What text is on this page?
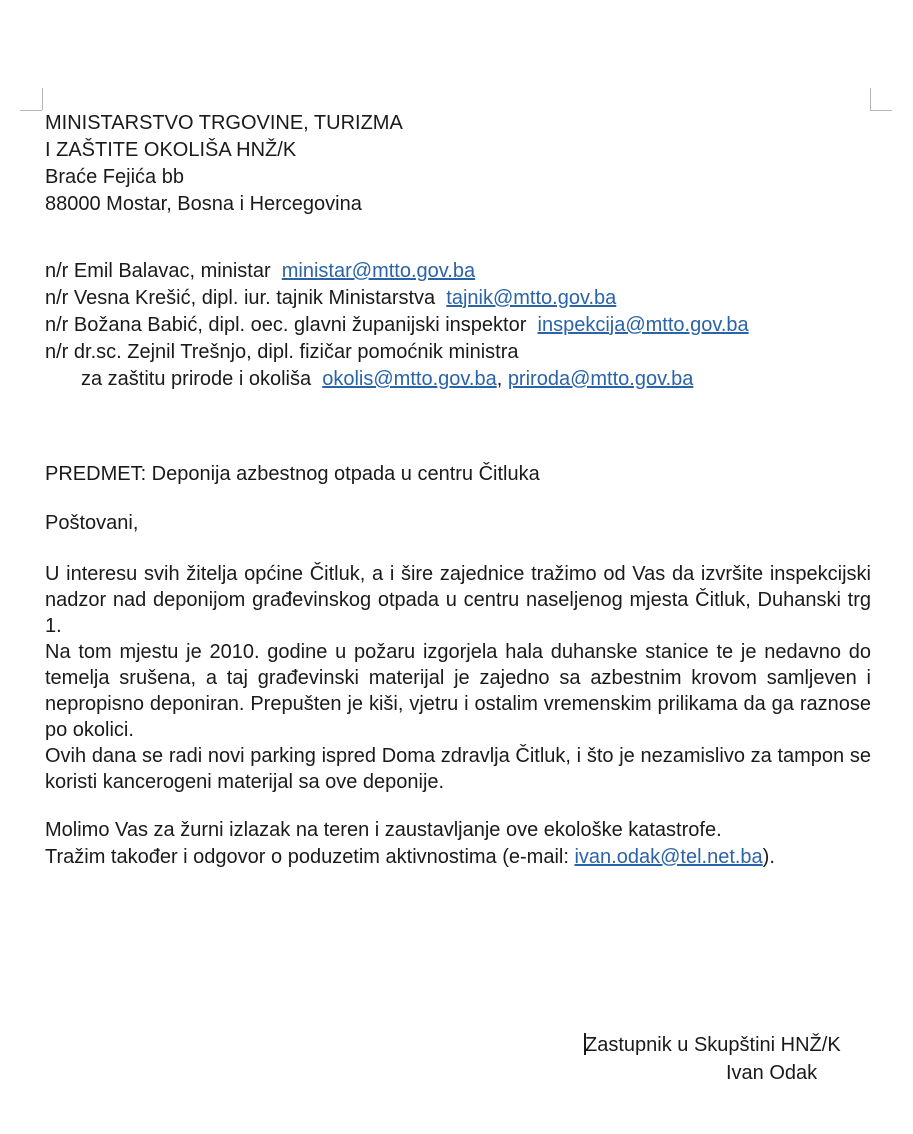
MINISTARSTVO TRGOVINE, TURIZMA
I ZAŠTITE OKOLIŠA HNŽ/K
Braće Fejića bb
88000 Mostar, Bosna i Hercegovina
n/r Emil Balavac, ministar ministar@mtto.gov.ba
n/r Vesna Krešić, dipl. iur. tajnik Ministarstva tajnik@mtto.gov.ba
n/r Božana Babić, dipl. oec. glavni županijski inspektor inspekcija@mtto.gov.ba
n/r dr.sc. Zejnil Trešnjo, dipl. fizičar pomoćnik ministra
za zaštitu prirode i okoliša okolis@mtto.gov.ba, priroda@mtto.gov.ba
PREDMET: Deponija azbestnog otpada u centru Čitluka
Poštovani,

U interesu svih žitelja općine Čitluk, a i šire zajednice tražimo od Vas da izvršite inspekcijski nadzor nad deponijom građevinskog otpada u centru naseljenog mjesta Čitluk, Duhanski trg 1.

Na tom mjestu je 2010. godine u požaru izgorjela hala duhanske stanice te je nedavno do temelja srušena, a taj građevinski materijal je zajedno sa azbestnim krovom samljeven i nepropisno deponiran. Prepušten je kiši, vjetru i ostalim vremenskim prilikama da ga raznose po okolici.

Ovih dana se radi novi parking ispred Doma zdravlja Čitluk, i što je nezamislivo za tampon se koristi kancerogeni materijal sa ove deponije.

Molimo Vas za žurni izlazak na teren i zaustavljanje ove ekološke katastrofe.
Tražim također i odgovor o poduzetim aktivnostima (e-mail: ivan.odak@tel.net.ba).
Zastupnik u Skupštini HNŽ/K
Ivan Odak
